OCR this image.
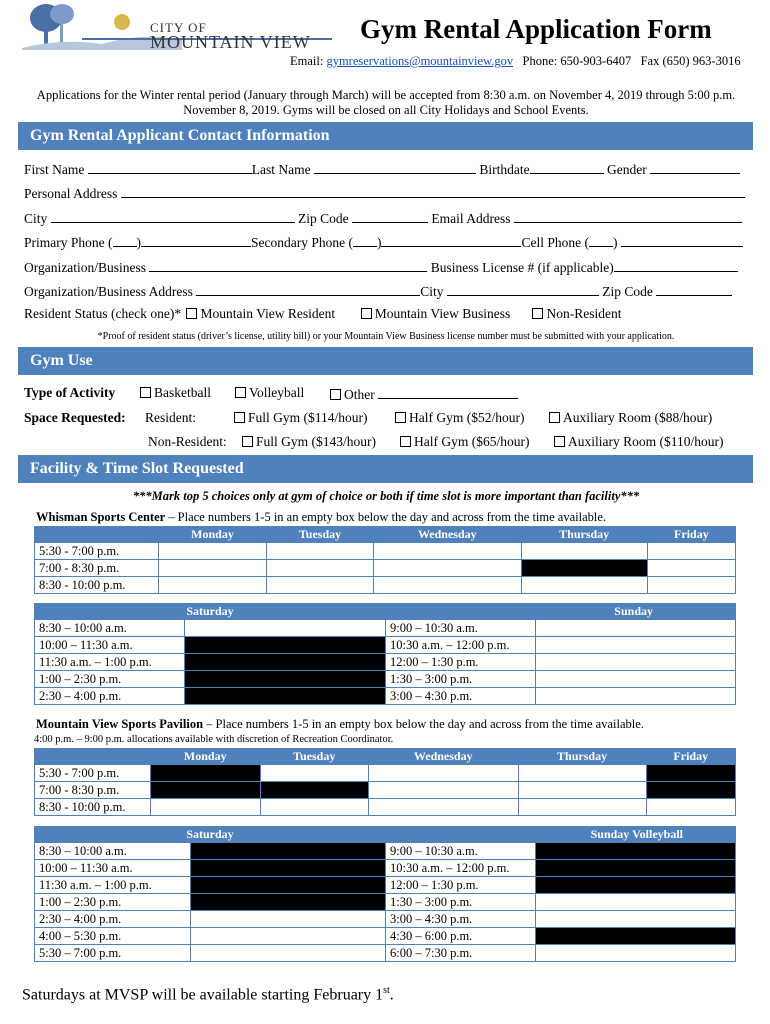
CITY OF
MOUNTAIN VIEW Gym Rental Application Form
Email: gymreservations@mountainview.gov Phone: 650-903-6407 Fax (650) 963-3016
Applications for the Winter rental period (January through March) will be accepted from 8:30 a.m. on November 4, 2019 through 5:00 p.m. November 8, 2019. Gyms will be closed on all City Holidays and School Events.
Gym Rental Applicant Contact Information
First Name	Last Name	Birthdate	Gender
Personal Address
City	Zip Code	Email Address
Primary Phone ( )	Secondary Phone ( )	Cell Phone ( )
Organization/Business	Business License # (if applicable)
Organization/Business Address	City	Zip Code
Resident Status (check one)* Mountain View Resident	Mountain View Business	Non-Resident
*Proof of resident status (driver’s license, utility bill) or your Mountain View Business license number must be submitted with your application.
Gym Use
Type of Activity	Basketball	Volleyball	Other
Space Requested: Resident:	Full Gym ($114/hour)	Half Gym ($52/hour)	Auxiliary Room ($88/hour)
Non-Resident:	Full Gym ($143/hour)	Half Gym ($65/hour)	Auxiliary Room ($110/hour)
Facility & Time Slot Requested
***Mark top 5 choices only at gym of choice or both if time slot is more important than facility***
Whisman Sports Center – Place numbers 1-5 in an empty box below the day and across from the time available.
	Monday	Tuesday	Wednesday	Thursday	Friday
5:30 - 7:00 p.m.					
7:00 - 8:30 p.m.					
8:30 - 10:00 p.m.					
Saturday		Sunday	
8:30 – 10:00 a.m.		9:00 – 10:30 a.m.	
10:00 – 11:30 a.m.		10:30 a.m. – 12:00 p.m.	
11:30 a.m. – 1:00 p.m.		12:00 – 1:30 p.m.	
1:00 – 2:30 p.m.		1:30 – 3:00 p.m.	
2:30 – 4:00 p.m.		3:00 – 4:30 p.m.	
Mountain View Sports Pavilion – Place numbers 1-5 in an empty box below the day and across from the time available.
4:00 p.m. – 9:00 p.m. allocations available with discretion of Recreation Coordinator.
	Monday	Tuesday	Wednesday	Thursday	Friday
5:30 - 7:00 p.m.					
7:00 - 8:30 p.m.					
8:30 - 10:00 p.m.					
Saturday		Sunday Volleyball	
8:30 – 10:00 a.m.		9:00 – 10:30 a.m.	
10:00 – 11:30 a.m.		10:30 a.m. – 12:00 p.m.	
11:30 a.m. – 1:00 p.m.		12:00 – 1:30 p.m.	
1:00 – 2:30 p.m.		1:30 – 3:00 p.m.	
2:30 – 4:00 p.m.		3:00 – 4:30 p.m.	
4:00 – 5:30 p.m.		4:30 – 6:00 p.m.	
5:30 – 7:00 p.m.		6:00 – 7:30 p.m.	
Saturdays at MVSP will be available starting February 1st.
